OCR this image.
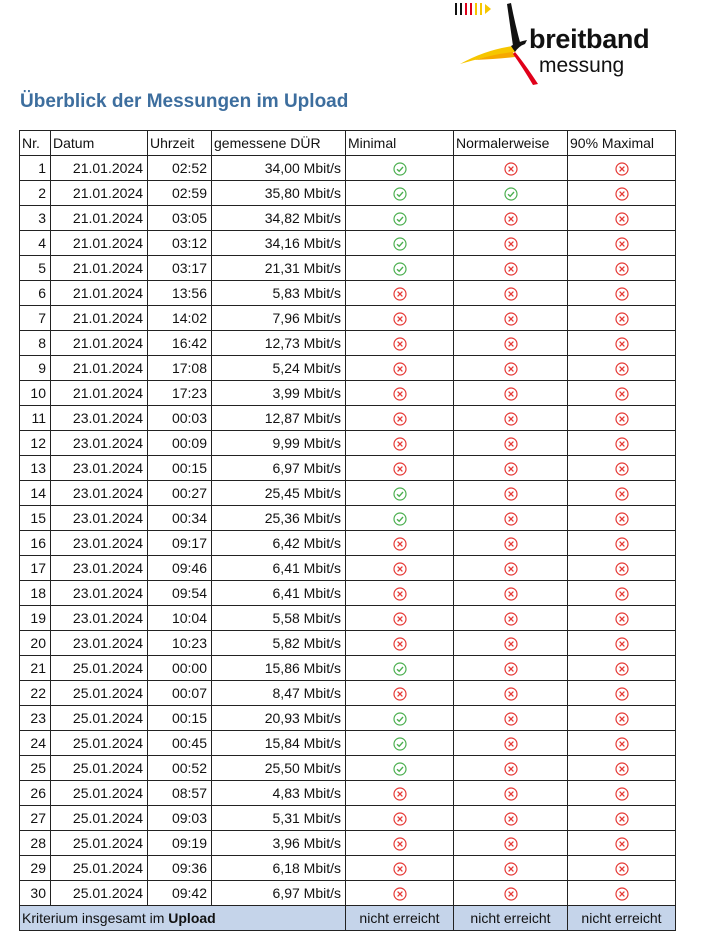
breitband
messung
Überblick der Messungen im Upload
Nr.	Datum	Uhrzeit	gemessene DÜR	Minimal	Normalerweise	90% Maximal
1	21.01.2024	02:52	34,00 Mbit/s			
2	21.01.2024	02:59	35,80 Mbit/s			
3	21.01.2024	03:05	34,82 Mbit/s			
4	21.01.2024	03:12	34,16 Mbit/s			
5	21.01.2024	03:17	21,31 Mbit/s			
6	21.01.2024	13:56	5,83 Mbit/s			
7	21.01.2024	14:02	7,96 Mbit/s			
8	21.01.2024	16:42	12,73 Mbit/s			
9	21.01.2024	17:08	5,24 Mbit/s			
10	21.01.2024	17:23	3,99 Mbit/s			
11	23.01.2024	00:03	12,87 Mbit/s			
12	23.01.2024	00:09	9,99 Mbit/s			
13	23.01.2024	00:15	6,97 Mbit/s			
14	23.01.2024	00:27	25,45 Mbit/s			
15	23.01.2024	00:34	25,36 Mbit/s			
16	23.01.2024	09:17	6,42 Mbit/s			
17	23.01.2024	09:46	6,41 Mbit/s			
18	23.01.2024	09:54	6,41 Mbit/s			
19	23.01.2024	10:04	5,58 Mbit/s			
20	23.01.2024	10:23	5,82 Mbit/s			
21	25.01.2024	00:00	15,86 Mbit/s			
22	25.01.2024	00:07	8,47 Mbit/s			
23	25.01.2024	00:15	20,93 Mbit/s			
24	25.01.2024	00:45	15,84 Mbit/s			
25	25.01.2024	00:52	25,50 Mbit/s			
26	25.01.2024	08:57	4,83 Mbit/s			
27	25.01.2024	09:03	5,31 Mbit/s			
28	25.01.2024	09:19	3,96 Mbit/s			
29	25.01.2024	09:36	6,18 Mbit/s			
30	25.01.2024	09:42	6,97 Mbit/s			
Kriterium insgesamt im Upload				nicht erreicht	nicht erreicht	nicht erreicht
